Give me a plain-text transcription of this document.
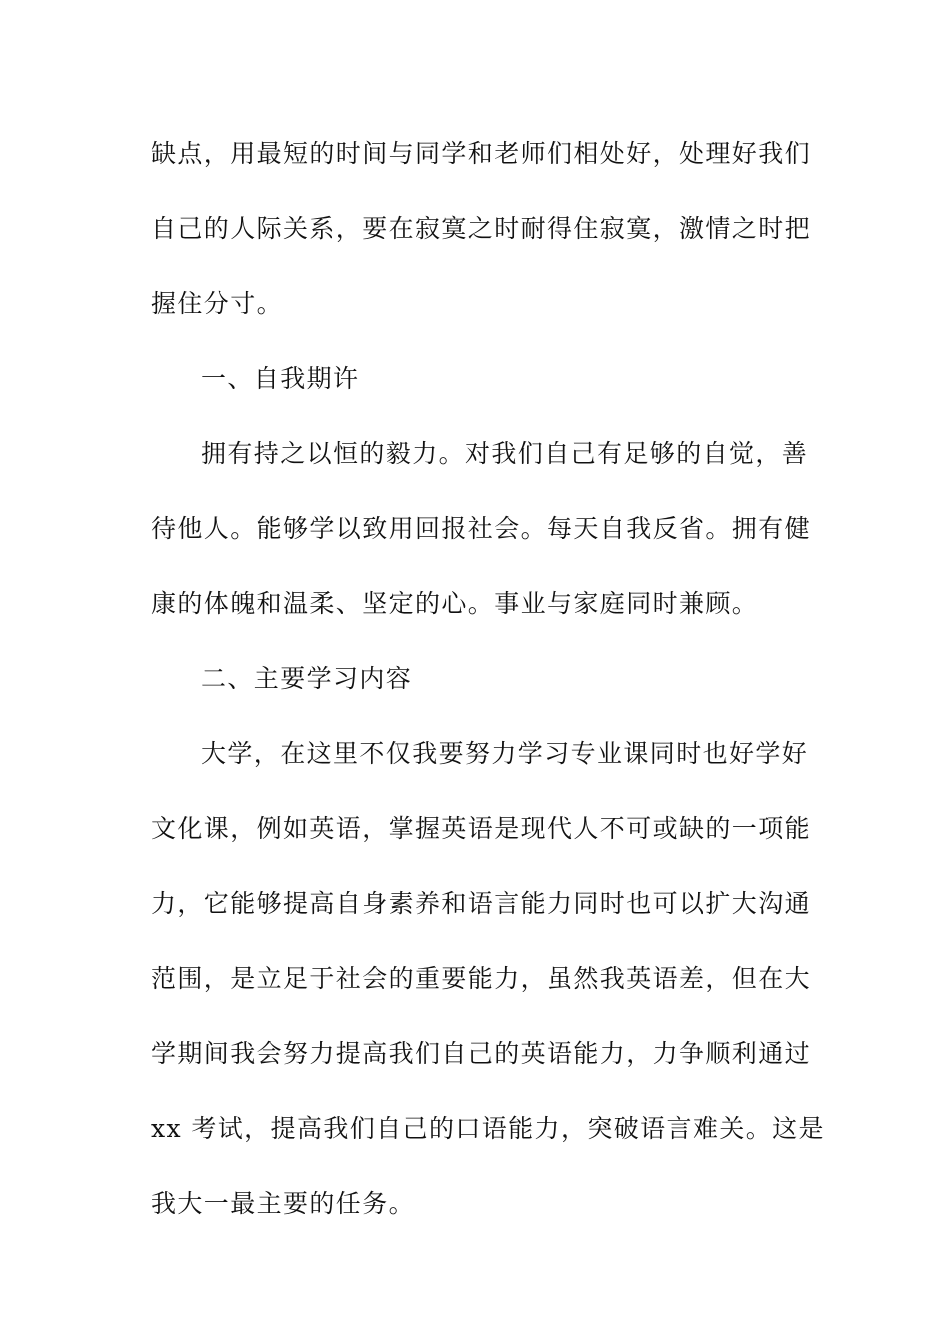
缺点，用最短的时间与同学和老师们相处好，处理好我们
自己的人际关系，要在寂寞之时耐得住寂寞，激情之时把
握住分寸。
一、自我期许
拥有持之以恒的毅力。对我们自己有足够的自觉，善
待他人。能够学以致用回报社会。每天自我反省。拥有健
康的体魄和温柔、坚定的心。事业与家庭同时兼顾。
二、主要学习内容
大学，在这里不仅我要努力学习专业课同时也好学好
文化课，例如英语，掌握英语是现代人不可或缺的一项能
力，它能够提高自身素养和语言能力同时也可以扩大沟通
范围，是立足于社会的重要能力，虽然我英语差，但在大
学期间我会努力提高我们自己的英语能力，力争顺利通过
xx 考试，提高我们自己的口语能力，突破语言难关。这是
我大一最主要的任务。
